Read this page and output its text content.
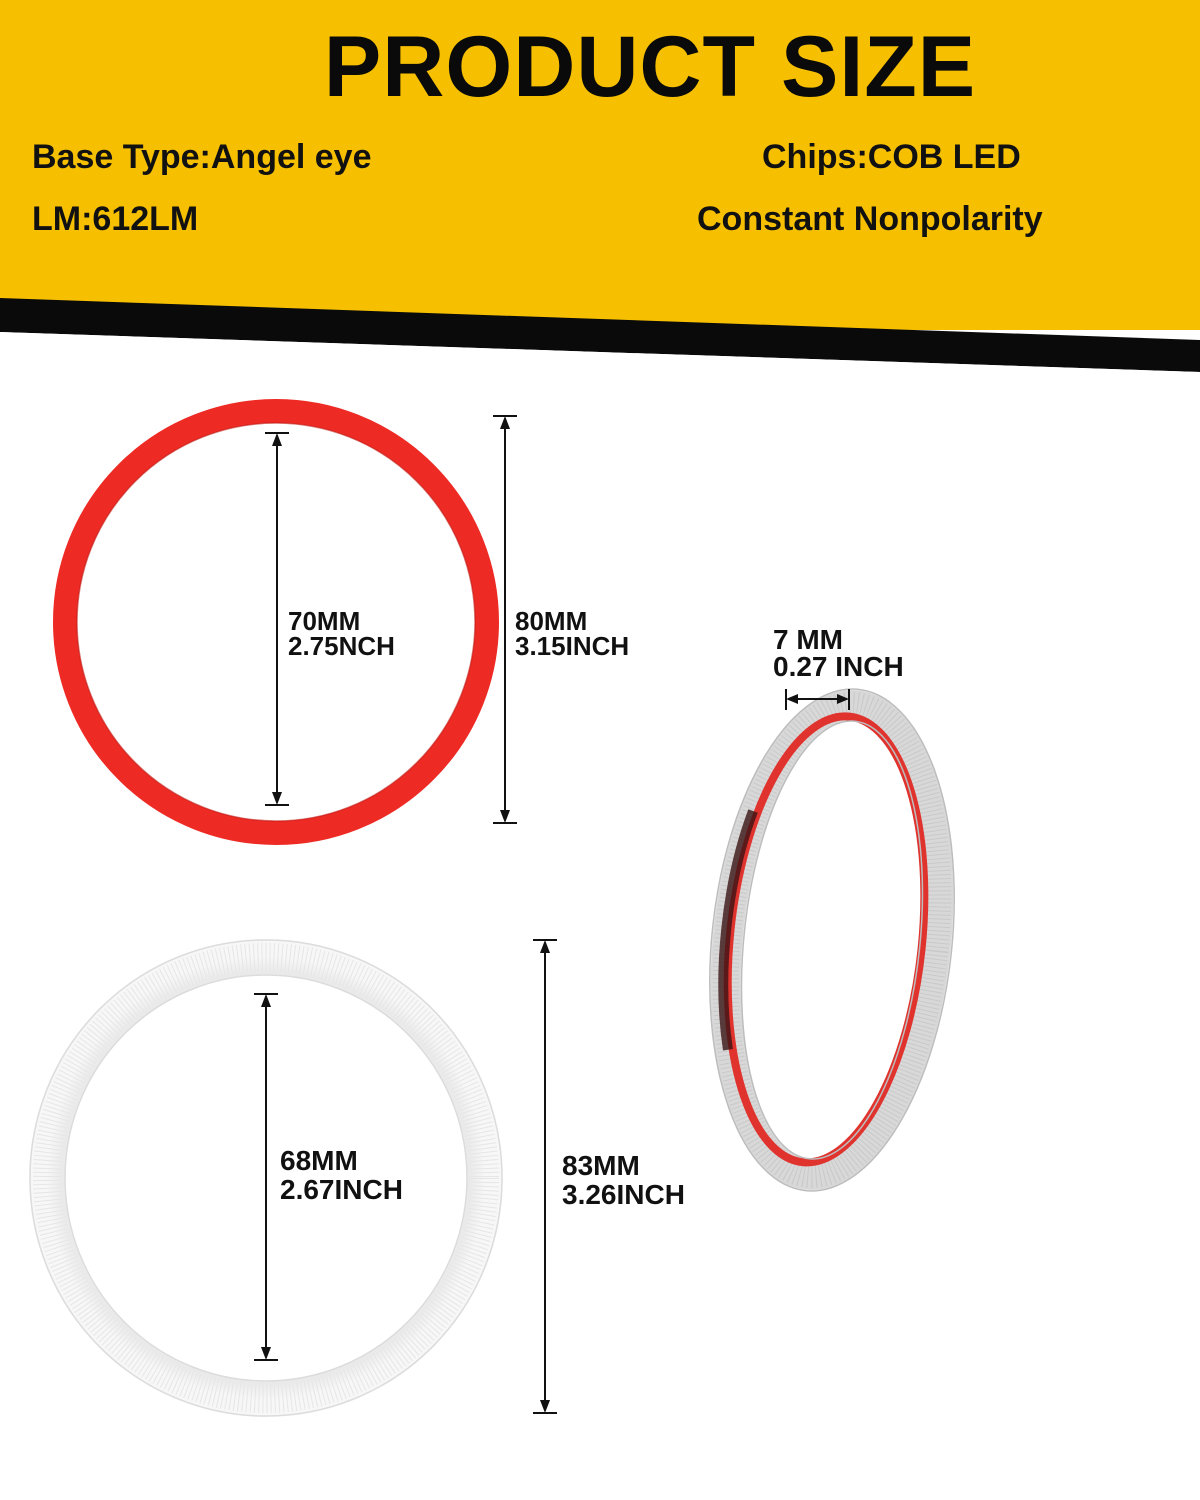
PRODUCT SIZE
Base Type:Angel eye
LM:612LM
Chips:COB LED
Constant Nonpolarity
70MM
2.75NCH
80MM
3.15INCH	7 MM
0.27 INCH
68MM
2.67INCH
83MM
3.26INCH
